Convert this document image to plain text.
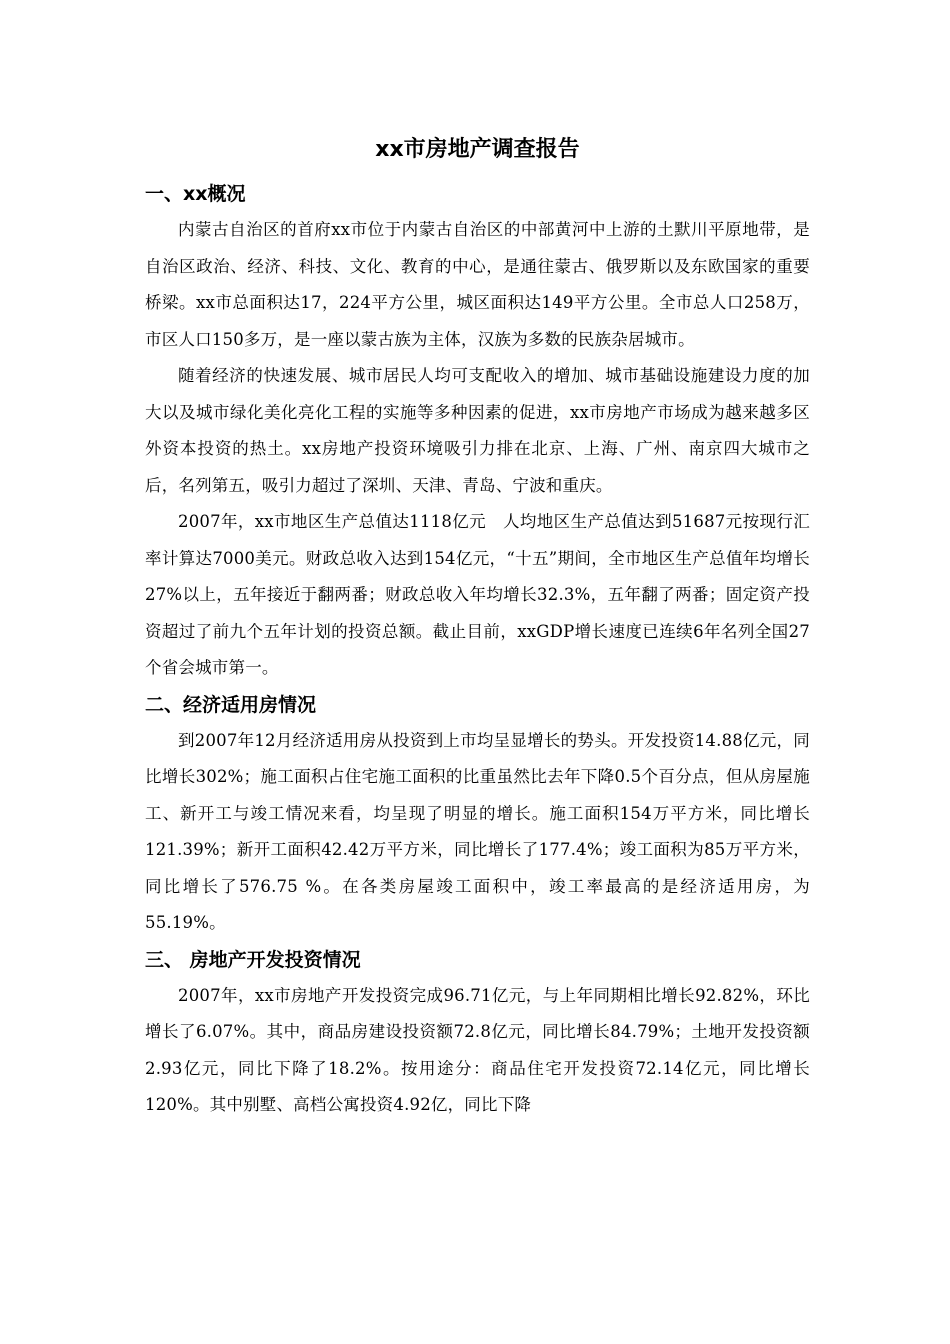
xx市房地产调查报告
一、xx概况

内蒙古自治区的首府xx市位于内蒙古自治区的中部黄河中上游的土默川平原地带，是自治区政治、经济、科技、文化、教育的中心，是通往蒙古、俄罗斯以及东欧国家的重要桥梁。xx市总面积达17，224平方公里，城区面积达149平方公里。全市总人口258万，市区人口150多万，是一座以蒙古族为主体，汉族为多数的民族杂居城市。

随着经济的快速发展、城市居民人均可支配收入的增加、城市基础设施建设力度的加大以及城市绿化美化亮化工程的实施等多种因素的促进，xx市房地产市场成为越来越多区外资本投资的热土。xx房地产投资环境吸引力排在北京、上海、广州、南京四大城市之后，名列第五，吸引力超过了深圳、天津、青岛、宁波和重庆。

2007年，xx市地区生产总值达1118亿元　人均地区生产总值达到51687元按现行汇率计算达7000美元。财政总收入达到154亿元，“十五”期间，全市地区生产总值年均增长27%以上，五年接近于翻两番；财政总收入年均增长32.3%，五年翻了两番；固定资产投资超过了前九个五年计划的投资总额。截止目前，xxGDP增长速度已连续6年名列全国27个省会城市第一。

二、经济适用房情况

到2007年12月经济适用房从投资到上市均呈显增长的势头。开发投资14.88亿元，同比增长302%；施工面积占住宅施工面积的比重虽然比去年下降0.5个百分点，但从房屋施工、新开工与竣工情况来看，均呈现了明显的增长。施工面积154万平方米，同比增长121.39%；新开工面积42.42万平方米，同比增长了177.4%；竣工面积为85万平方米，同比增长了576.75 %。在各类房屋竣工面积中，竣工率最高的是经济适用房，为55.19%。

三、 房地产开发投资情况

2007年，xx市房地产开发投资完成96.71亿元，与上年同期相比增长92.82%，环比增长了6.07%。其中，商品房建设投资额72.8亿元，同比增长84.79%；土地开发投资额2.93亿元，同比下降了18.2%。按用途分：商品住宅开发投资72.14亿元，同比增长120%。其中别墅、高档公寓投资4.92亿，同比下降
